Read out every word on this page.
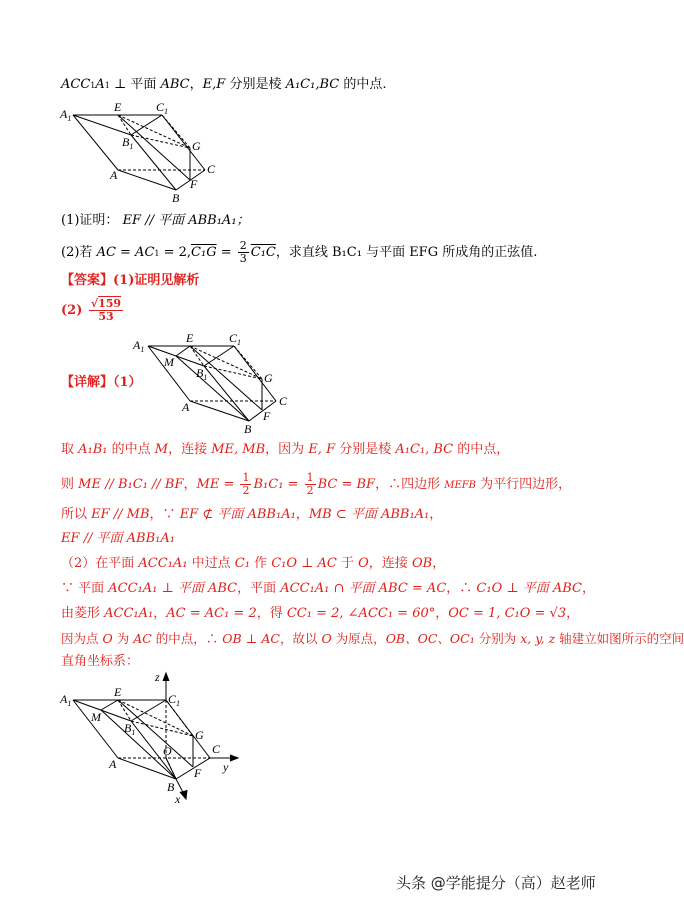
ACC1A1 ⊥ 平面 ABC，E,F 分别是棱 A₁C₁,BC 的中点.
$A_1$
E	$C_1$
$B_1$	G
C
A
F
B
(1)证明： EF // 平面 ABB₁A₁；
(2)若 AC = $AC1 = 2,C_1G = \frac{2}{3} C_1C$，求直线 B₁C₁ 与平面 EFG 所成角的正弦值.
【答案】(1)证明见解析
$(2) \frac{√159}{53}$
【详解】（1）
$A_1$
E	$C_1$
M
$B_1$	G
C
A
F
B
取 A₁B₁ 的中点 M，连接 ME, MB，因为 E, F 分别是棱 A₁C₁, BC 的中点，
则 ME // B₁C₁ // BF，ME = $\frac{1}{2} B_1C_1 = \frac{1}{2}$ BC = BF，∴四边形 MEFB 为平行四边形，
所以 EF // MB，∵ EF ⊄ 平面 ABB₁A₁，MB ⊂ 平面 ABB₁A₁，
EF // 平面 ABB₁A₁
（2）在平面 ACC₁A₁ 中过点 C₁ 作 C₁O ⊥ AC 于 O，连接 OB，
∵ 平面 ACC₁A₁ ⊥ 平面 ABC，平面 ACC₁A₁ ∩ 平面 ABC = AC，∴ C₁O ⊥ 平面 ABC，
由菱形 ACC₁A₁，AC = AC₁ = 2，得 CC₁ = 2, ∠ACC₁ = 60°，OC = 1, C₁O = √3，
因为点 O 为 AC 的中点，∴ OB ⊥ AC，故以 O 为原点，OB、OC、OC₁ 分别为 x, y, z 轴建立如图所示的空间
直角坐标系：
z
$A_1$
E	$C_1$
M
$B_1$	G
O	C
A	y
F
B
x
头条 @学能提分（高）赵老师
